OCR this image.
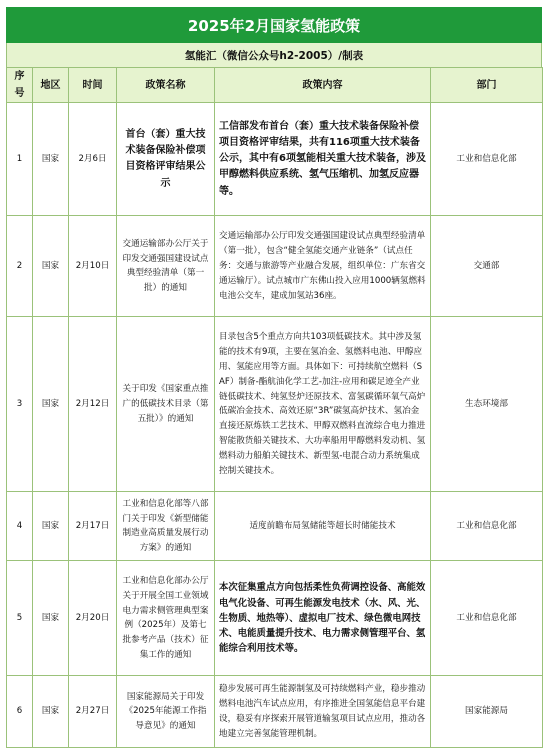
2025年2月国家氢能政策
氢能汇（微信公众号h2-2005）/制表
序号	地区	时间	政策名称	政策内容	部门
1	国家	2月6日	首台（套）重大技术装备保险补偿项目资格评审结果公示	工信部发布首台（套）重大技术装备保险补偿项目资格评审结果，共有116项重大技术装备公示，其中有6项氢能相关重大技术装备，涉及甲醇燃料供应系统、氢气压缩机、加氢反应器等。	工业和信息化部
2	国家	2月10日	交通运输部办公厅关于印发交通强国建设试点典型经验清单（第一批）的通知	交通运输部办公厅印发交通强国建设试点典型经验清单（第一批），包含“健全氢能交通产业链条”（试点任务：交通与旅游等产业融合发展，组织单位：广东省交通运输厅）。试点城市广东佛山投入应用1000辆氢燃料电池公交车，建成加氢站36座。	交通部
3	国家	2月12日	关于印发《国家重点推广的低碳技术目录（第五批）》的通知	目录包含5个重点方向共103项低碳技术。其中涉及氢能的技术有9项，主要在氢冶金、氢燃料电池、甲醇应用、氢能应用等方面。具体如下：可持续航空燃料（SAF）制备-酯航油化学工艺-加注-应用和碳足迹全产业链低碳技术、纯氢竖炉还原技术、富氢碳循环氧气高炉低碳冶金技术、高效还原“3R”碳氢高炉技术、氢冶金直接还原炼铁工艺技术、甲醇双燃料直流综合电力推进智能散货船关键技术、大功率船用甲醇燃料发动机、氢燃料动力船舶关键技术、新型氢-电混合动力系统集成控制关键技术。	生态环境部
4	国家	2月17日	工业和信息化部等八部门关于印发《新型储能制造业高质量发展行动方案》的通知	适度前瞻布局氢储能等超长时储能技术	工业和信息化部
5	国家	2月20日	工业和信息化部办公厅关于开展全国工业领域电力需求侧管理典型案例（2025年）及第七批参考产品（技术）征集工作的通知	本次征集重点方向包括柔性负荷调控设备、高能效电气化设备、可再生能源发电技术（水、风、光、生物质、地热等）、虚拟电厂技术、绿色微电网技术、电能质量提升技术、电力需求侧管理平台、氢能综合利用技术等。	工业和信息化部
6	国家	2月27日	国家能源局关于印发《2025年能源工作指导意见》的通知	稳步发展可再生能源制氢及可持续燃料产业，稳步推动燃料电池汽车试点应用，有序推进全国氢能信息平台建设，稳妥有序探索开展管道输氢项目试点应用，推动各地建立完善氢能管理机制。	国家能源局
